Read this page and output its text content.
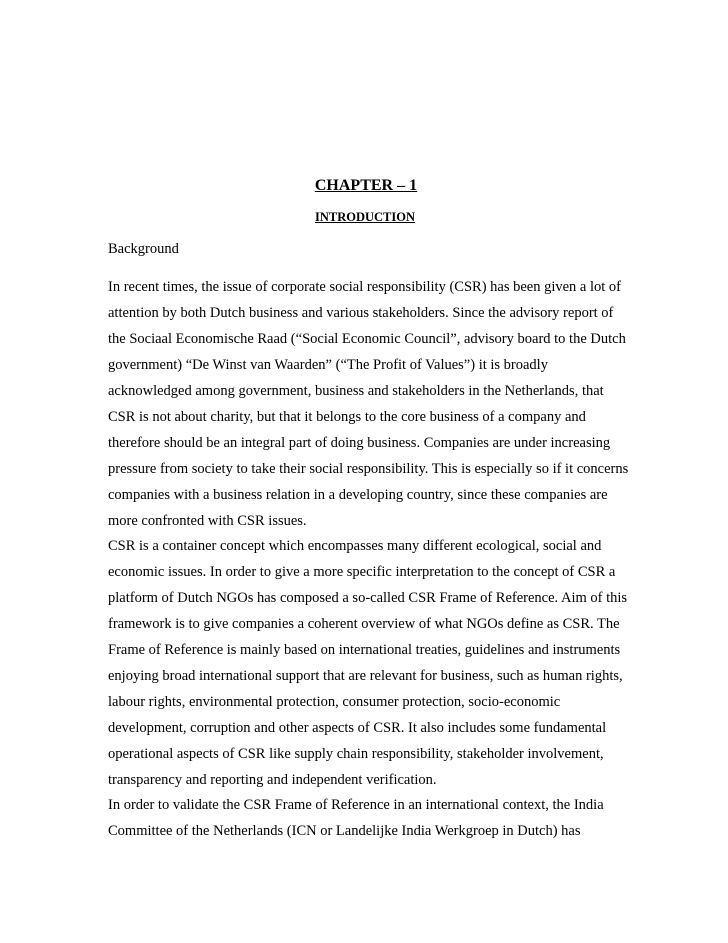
CHAPTER – 1
INTRODUCTION
Background

In recent times, the issue of corporate social responsibility (CSR) has been given a lot of
attention by both Dutch business and various stakeholders. Since the advisory report of
the Sociaal Economische Raad (“Social Economic Council”, advisory board to the Dutch
government) “De Winst van Waarden” (“The Profit of Values”) it is broadly
acknowledged among government, business and stakeholders in the Netherlands, that
CSR is not about charity, but that it belongs to the core business of a company and
therefore should be an integral part of doing business. Companies are under increasing
pressure from society to take their social responsibility. This is especially so if it concerns
companies with a business relation in a developing country, since these companies are
more confronted with CSR issues.

CSR is a container concept which encompasses many different ecological, social and
economic issues. In order to give a more specific interpretation to the concept of CSR a
platform of Dutch NGOs has composed a so-called CSR Frame of Reference. Aim of this
framework is to give companies a coherent overview of what NGOs define as CSR. The
Frame of Reference is mainly based on international treaties, guidelines and instruments
enjoying broad international support that are relevant for business, such as human rights,
labour rights, environmental protection, consumer protection, socio-economic
development, corruption and other aspects of CSR. It also includes some fundamental
operational aspects of CSR like supply chain responsibility, stakeholder involvement,
transparency and reporting and independent verification.

In order to validate the CSR Frame of Reference in an international context, the India
Committee of the Netherlands (ICN or Landelijke India Werkgroep in Dutch) has
